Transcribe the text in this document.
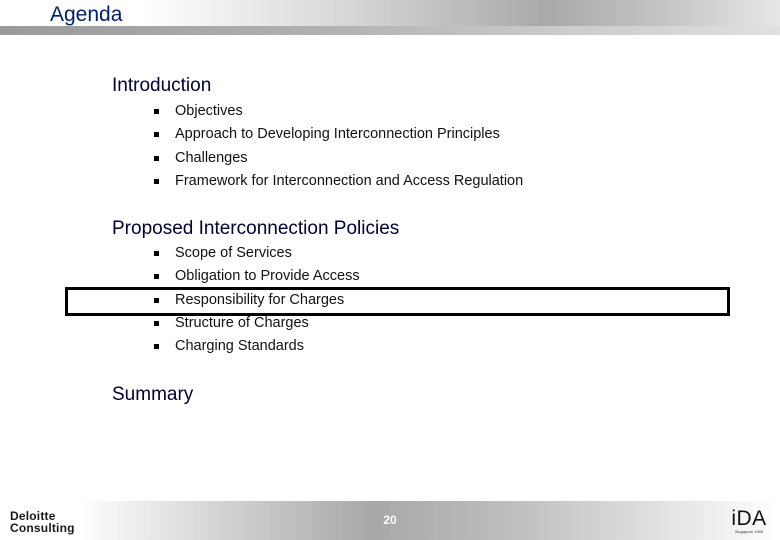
Agenda
Introduction
Objectives
Approach to Developing Interconnection Principles
Challenges
Framework for Interconnection and Access Regulation
Proposed Interconnection Policies
Scope of Services
Obligation to Provide Access
Responsibility for Charges
Structure of Charges
Charging Standards
Summary
Deloitte
Consulting
20	iDA
Singapore 1999
